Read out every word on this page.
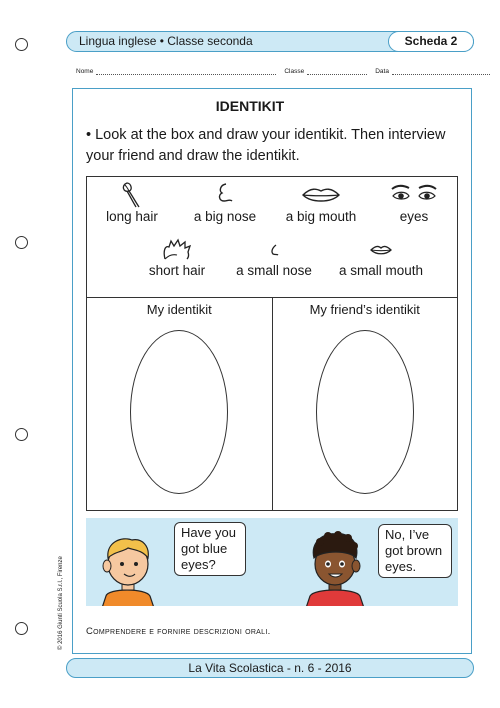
Lingua inglese • Classe seconda	Scheda 2
Nome	Classe	Data
IDENTIKIT
• Look at the box and draw your identikit. Then interview your friend and draw the identikit.
long hair	a big nose	a big mouth	eyes
short hair	a small nose	a small mouth
My identikit	My friend’s identikit
Have you
got blue
eyes?
No, I’ve
got brown
eyes.
Comprendere e fornire descrizioni orali.
© 2016 Giunti Scuola S.r.l., Firenze
La Vita Scolastica - n. 6 - 2016
